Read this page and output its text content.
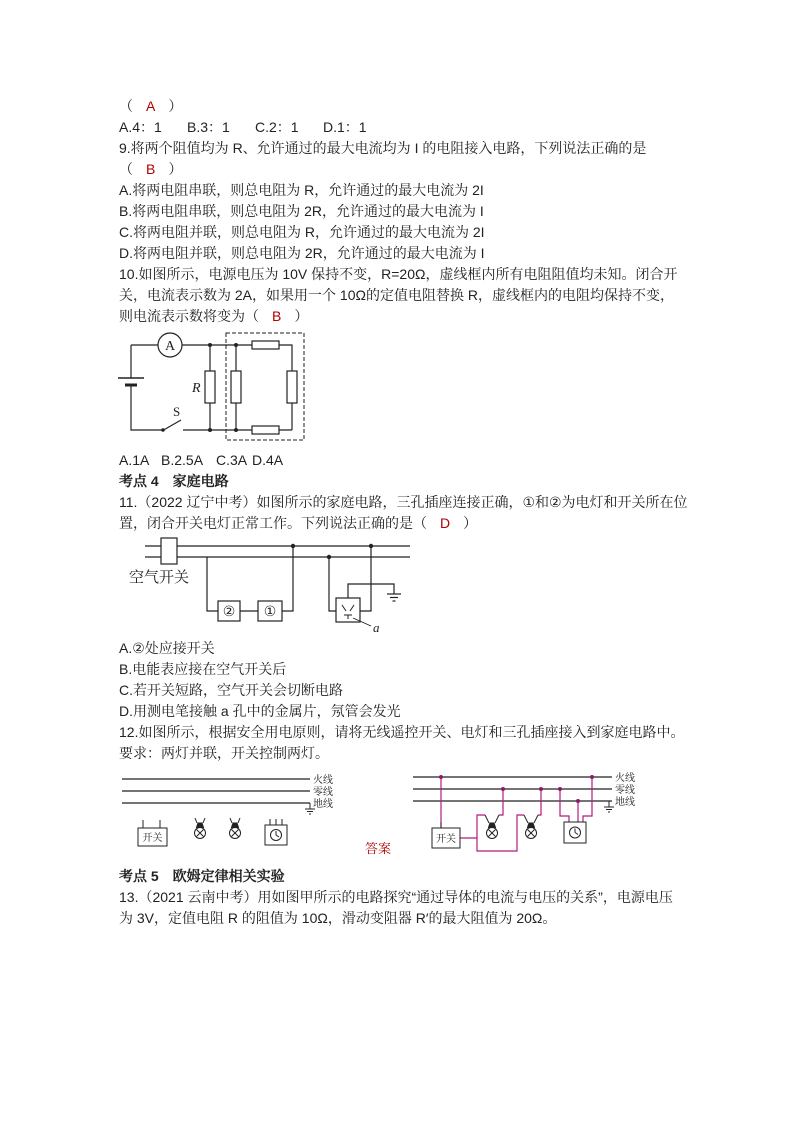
（ A ）
A.4：1 B.3：1 C.2：1 D.1：1
9.将两个阻值均为 R、允许通过的最大电流均为 I 的电阻接入电路，下列说法正确的是
（ B ）
A.将两电阻串联，则总电阻为 R，允许通过的最大电流为 2I
B.将两电阻串联，则总电阻为 2R，允许通过的最大电流为 I
C.将两电阻并联，则总电阻为 R，允许通过的最大电流为 2I
D.将两电阻并联，则总电阻为 2R，允许通过的最大电流为 I
10.如图所示，电源电压为 10V 保持不变，R=20Ω，虚线框内所有电阻阻值均未知。闭合开
关，电流表示数为 2A，如果用一个 10Ω的定值电阻替换 R，虚线框内的电阻均保持不变，
则电流表示数将变为（ B ）
A
S
R
A.1A B.2.5A C.3A D.4A
考点 4　家庭电路
11.（2022 辽宁中考）如图所示的家庭电路，三孔插座连接正确，①和②为电灯和开关所在位
置，闭合开关电灯正常工作。下列说法正确的是（ D ）
空气开关
② ①
a
A.②处应接开关
B.电能表应接在空气开关后
C.若开关短路，空气开关会切断电路
D.用测电笔接触 a 孔中的金属片，氖管会发光
12.如图所示，根据安全用电原则，请将无线遥控开关、电灯和三孔插座接入到家庭电路中。
要求：两灯并联，开关控制两灯。
火线
零线
地线
开关
答案
火线
零线
地线
开关
考点 5　欧姆定律相关实验
13.（2021 云南中考）用如图甲所示的电路探究“通过导体的电流与电压的关系”，电源电压
为 3V，定值电阻 R 的阻值为 10Ω，滑动变阻器 R′的最大阻值为 20Ω。
